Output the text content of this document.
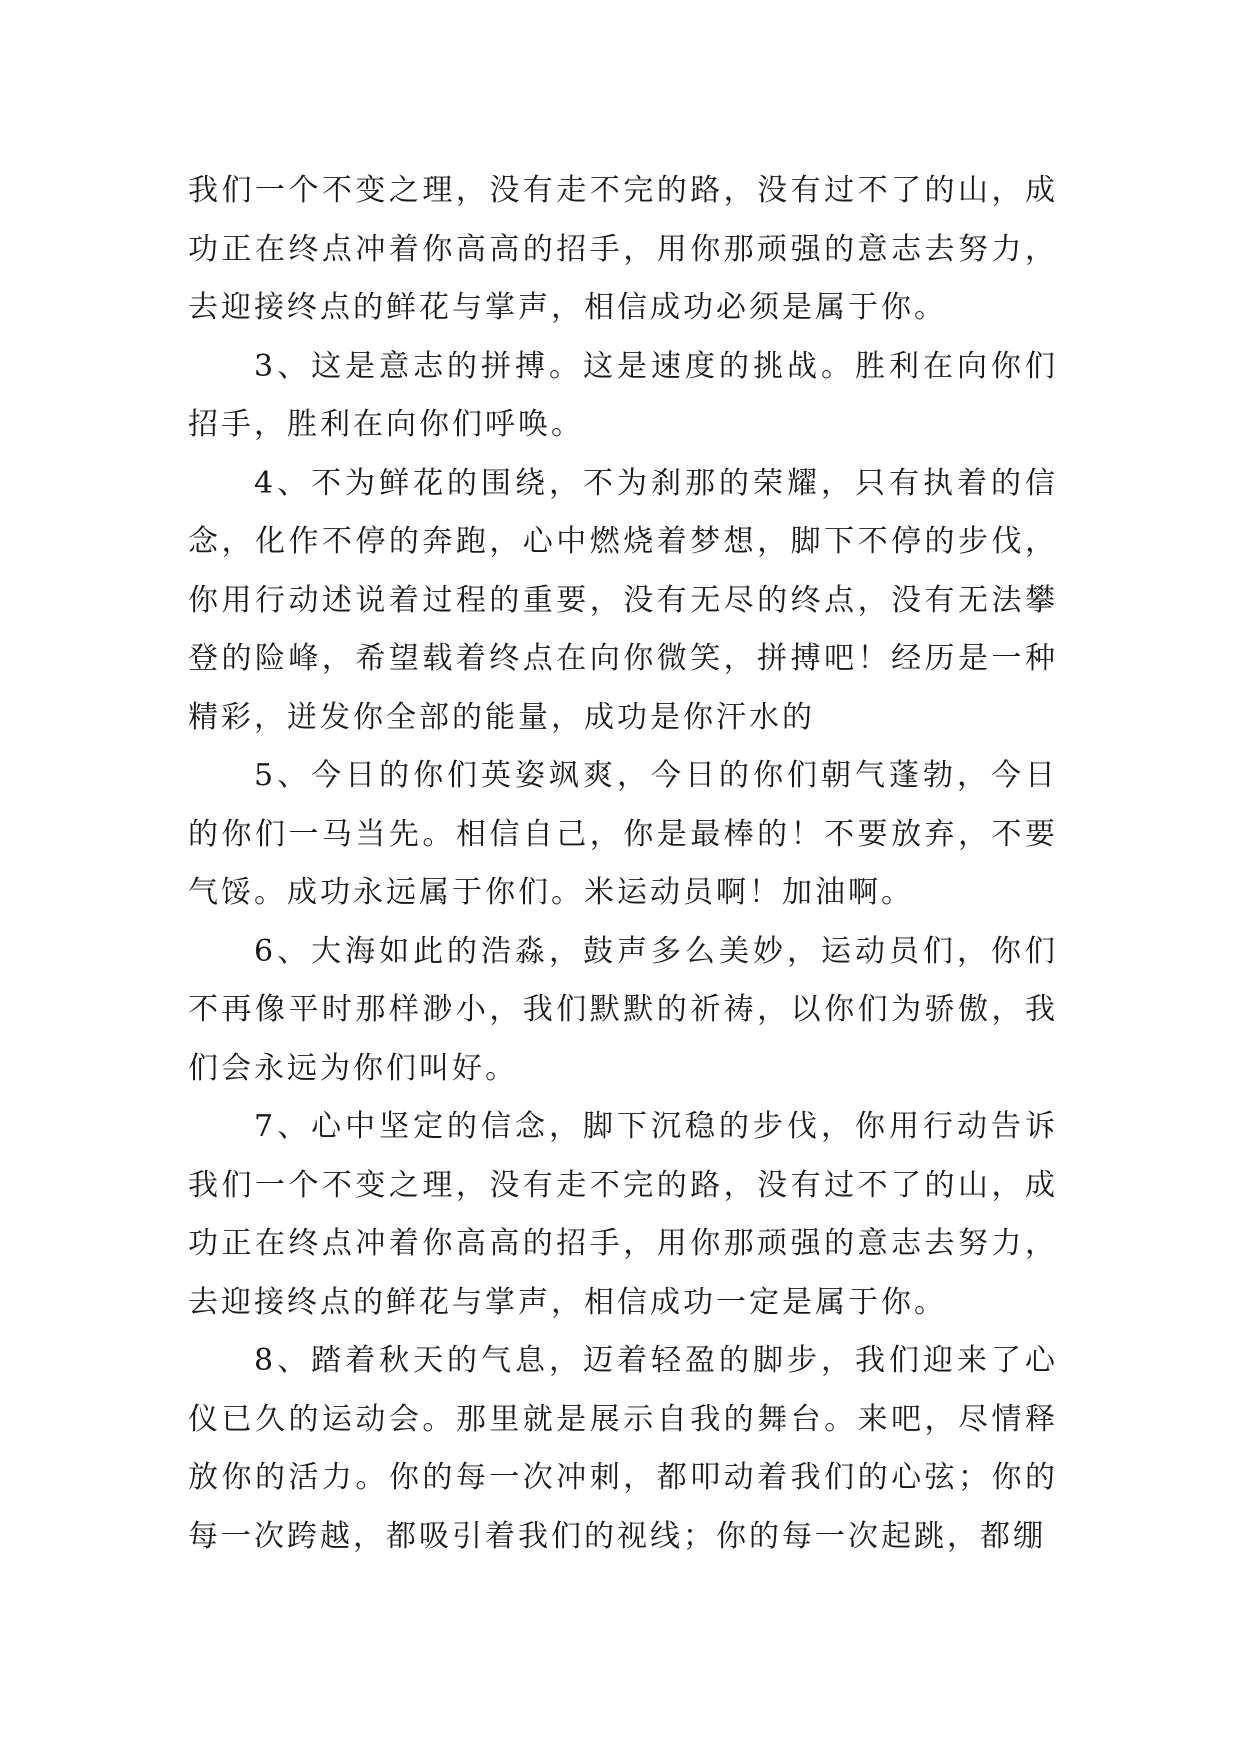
我们一个不变之理，没有走不完的路，没有过不了的山，成功正在终点冲着你高高的招手，用你那顽强的意志去努力，去迎接终点的鲜花与掌声，相信成功必须是属于你。

3、这是意志的拼搏。这是速度的挑战。胜利在向你们招手，胜利在向你们呼唤。

4、不为鲜花的围绕，不为刹那的荣耀，只有执着的信念，化作不停的奔跑，心中燃烧着梦想，脚下不停的步伐，你用行动述说着过程的重要，没有无尽的终点，没有无法攀登的险峰，希望载着终点在向你微笑，拼搏吧！经历是一种精彩，迸发你全部的能量，成功是你汗水的

5、今日的你们英姿飒爽，今日的你们朝气蓬勃，今日的你们一马当先。相信自己，你是最棒的！不要放弃，不要气馁。成功永远属于你们。米运动员啊！加油啊。

6、大海如此的浩淼，鼓声多么美妙，运动员们，你们不再像平时那样渺小，我们默默的祈祷，以你们为骄傲，我们会永远为你们叫好。

7、心中坚定的信念，脚下沉稳的步伐，你用行动告诉我们一个不变之理，没有走不完的路，没有过不了的山，成功正在终点冲着你高高的招手，用你那顽强的意志去努力，去迎接终点的鲜花与掌声，相信成功一定是属于你。

8、踏着秋天的气息，迈着轻盈的脚步，我们迎来了心仪已久的运动会。那里就是展示自我的舞台。来吧，尽情释放你的活力。你的每一次冲刺，都叩动着我们的心弦；你的每一次跨越，都吸引着我们的视线；你的每一次起跳，都绷
